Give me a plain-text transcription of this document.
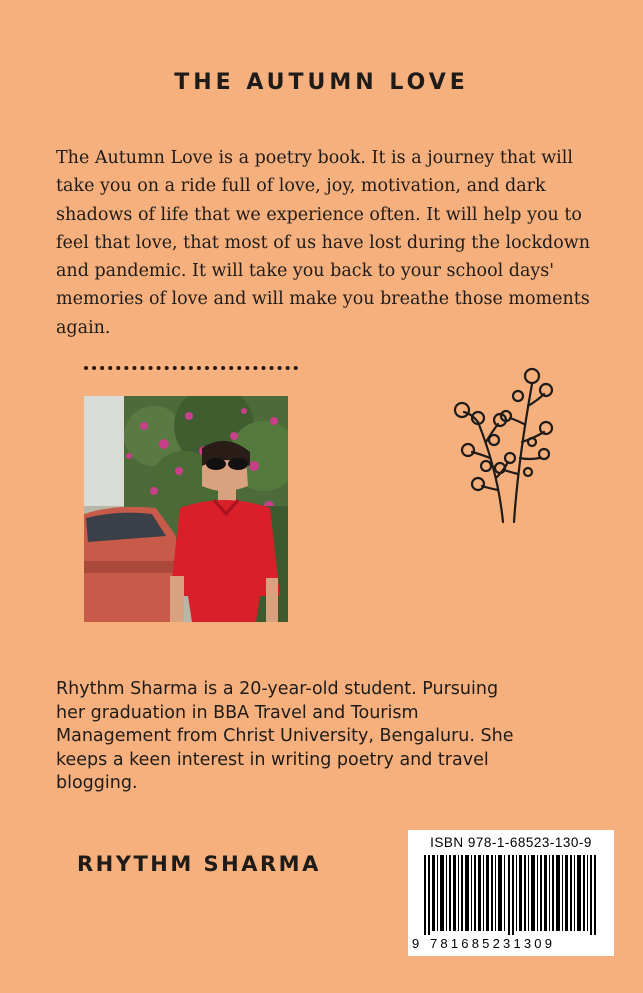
THE AUTUMN LOVE

The Autumn Love is a poetry book. It is a journey that will take you on a ride full of love, joy, motivation, and dark shadows of life that we experience often. It will help you to feel that love, that most of us have lost during the lockdown and pandemic. It will take you back to your school days' memories of love and will make you breathe those moments again.

Rhythm Sharma is a 20-year-old student. Pursuing her graduation in BBA Travel and Tourism Management from Christ University, Bengaluru. She keeps a keen interest in writing poetry and travel blogging.

RHYTHM SHARMA
ISBN 978-1-68523-130-9
9 781685231309
